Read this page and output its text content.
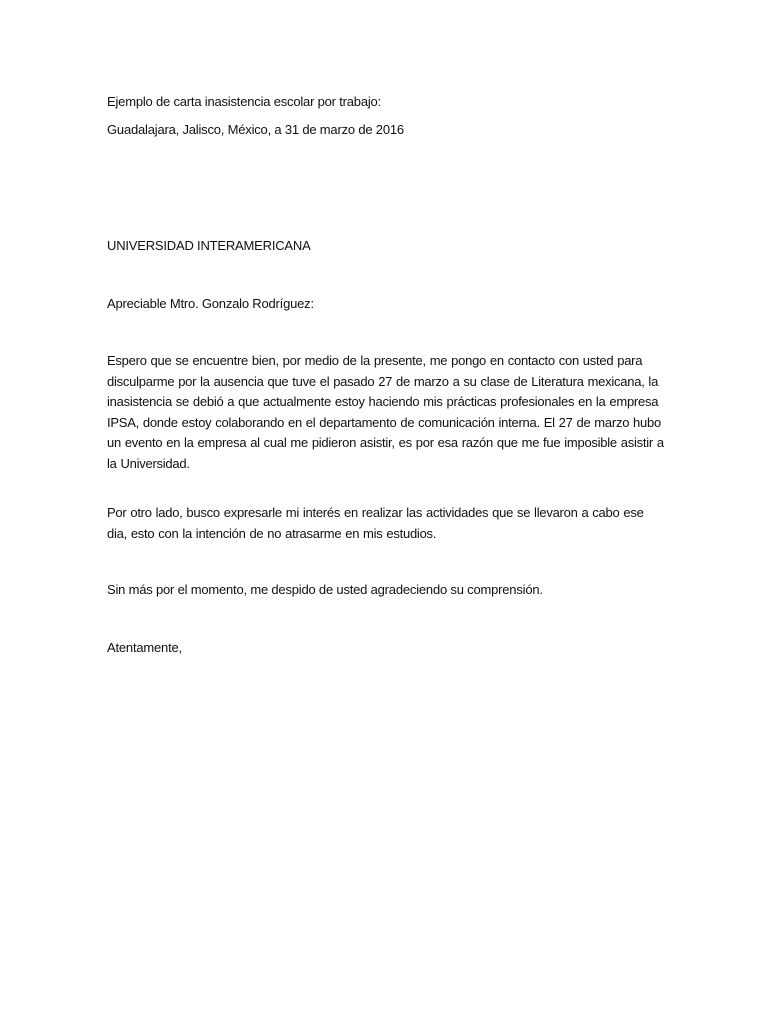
Ejemplo de carta inasistencia escolar por trabajo:

Guadalajara, Jalisco, México, a 31 de marzo de 2016

UNIVERSIDAD INTERAMERICANA

Apreciable Mtro. Gonzalo Rodríguez:

Espero que se encuentre bien, por medio de la presente, me pongo en contacto con usted para
disculparme por la ausencia que tuve el pasado 27 de marzo a su clase de Literatura mexicana, la
inasistencia se debió a que actualmente estoy haciendo mis prácticas profesionales en la empresa
IPSA, donde estoy colaborando en el departamento de comunicación interna. El 27 de marzo hubo
un evento en la empresa al cual me pidieron asistir, es por esa razón que me fue imposible asistir a
la Universidad.
Por otro lado, busco expresarle mi interés en realizar las actividades que se llevaron a cabo ese
dia, esto con la intención de no atrasarme en mis estudios.

Sin más por el momento, me despido de usted agradeciendo su comprensión.

Atentamente,
